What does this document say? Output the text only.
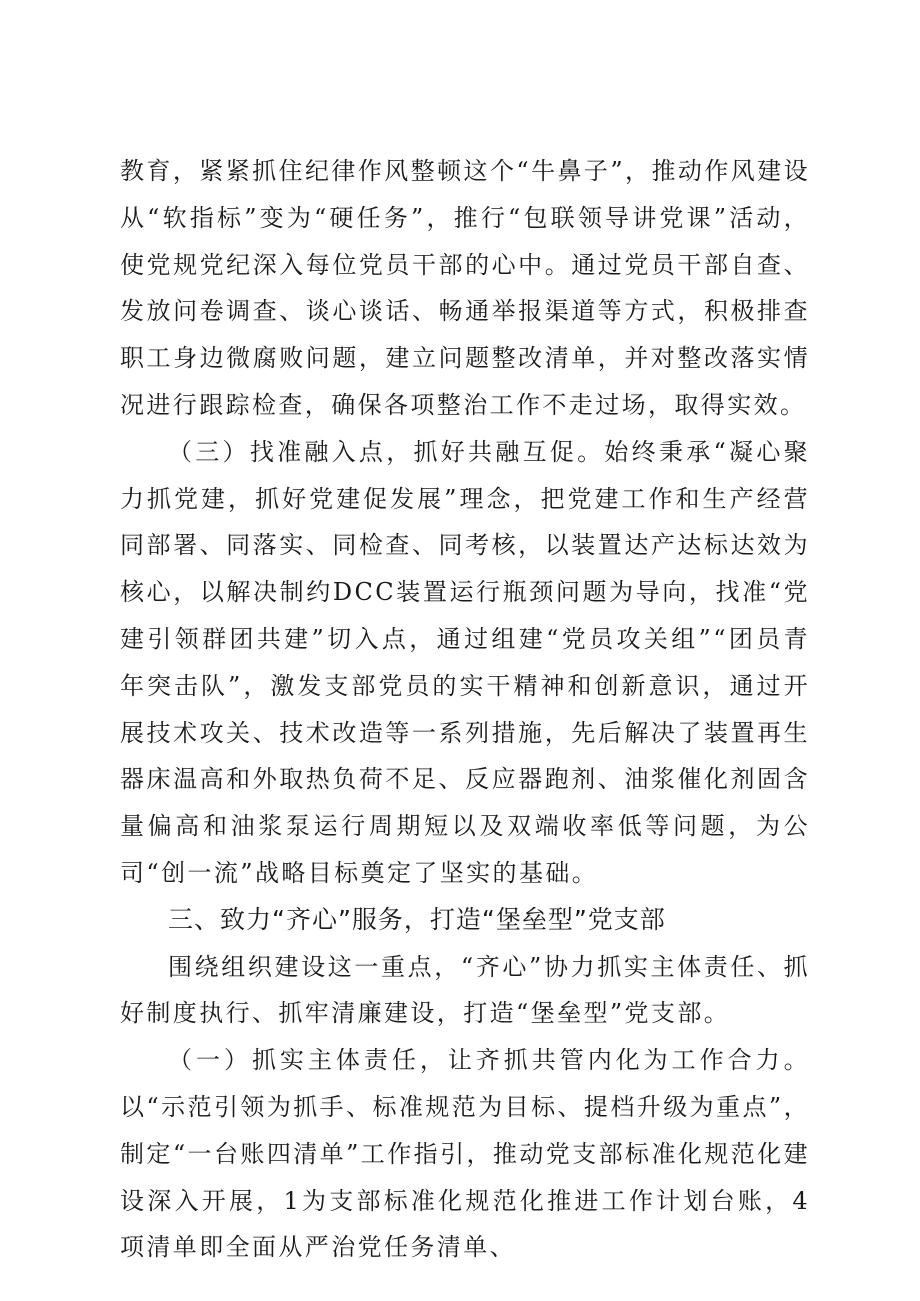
教育，紧紧抓住纪律作风整顿这个“牛鼻子”，推动作风建设从“软指标”变为“硬任务”，推行“包联领导讲党课”活动，使党规党纪深入每位党员干部的心中。通过党员干部自查、发放问卷调查、谈心谈话、畅通举报渠道等方式，积极排查职工身边微腐败问题，建立问题整改清单，并对整改落实情况进行跟踪检查，确保各项整治工作不走过场，取得实效。

（三）找准融入点，抓好共融互促。始终秉承“凝心聚力抓党建，抓好党建促发展”理念，把党建工作和生产经营同部署、同落实、同检查、同考核，以装置达产达标达效为核心，以解决制约DCC装置运行瓶颈问题为导向，找准“党建引领群团共建”切入点，通过组建“党员攻关组”“团员青年突击队”，激发支部党员的实干精神和创新意识，通过开展技术攻关、技术改造等一系列措施，先后解决了装置再生器床温高和外取热负荷不足、反应器跑剂、油浆催化剂固含量偏高和油浆泵运行周期短以及双端收率低等问题，为公司“创一流”战略目标奠定了坚实的基础。

三、致力“齐心”服务，打造“堡垒型”党支部

围绕组织建设这一重点，“齐心”协力抓实主体责任、抓好制度执行、抓牢清廉建设，打造“堡垒型”党支部。

（一）抓实主体责任，让齐抓共管内化为工作合力。以“示范引领为抓手、标准规范为目标、提档升级为重点”，制定“一台账四清单”工作指引，推动党支部标准化规范化建设深入开展，1为支部标准化规范化推进工作计划台账，4项清单即全面从严治党任务清单、
